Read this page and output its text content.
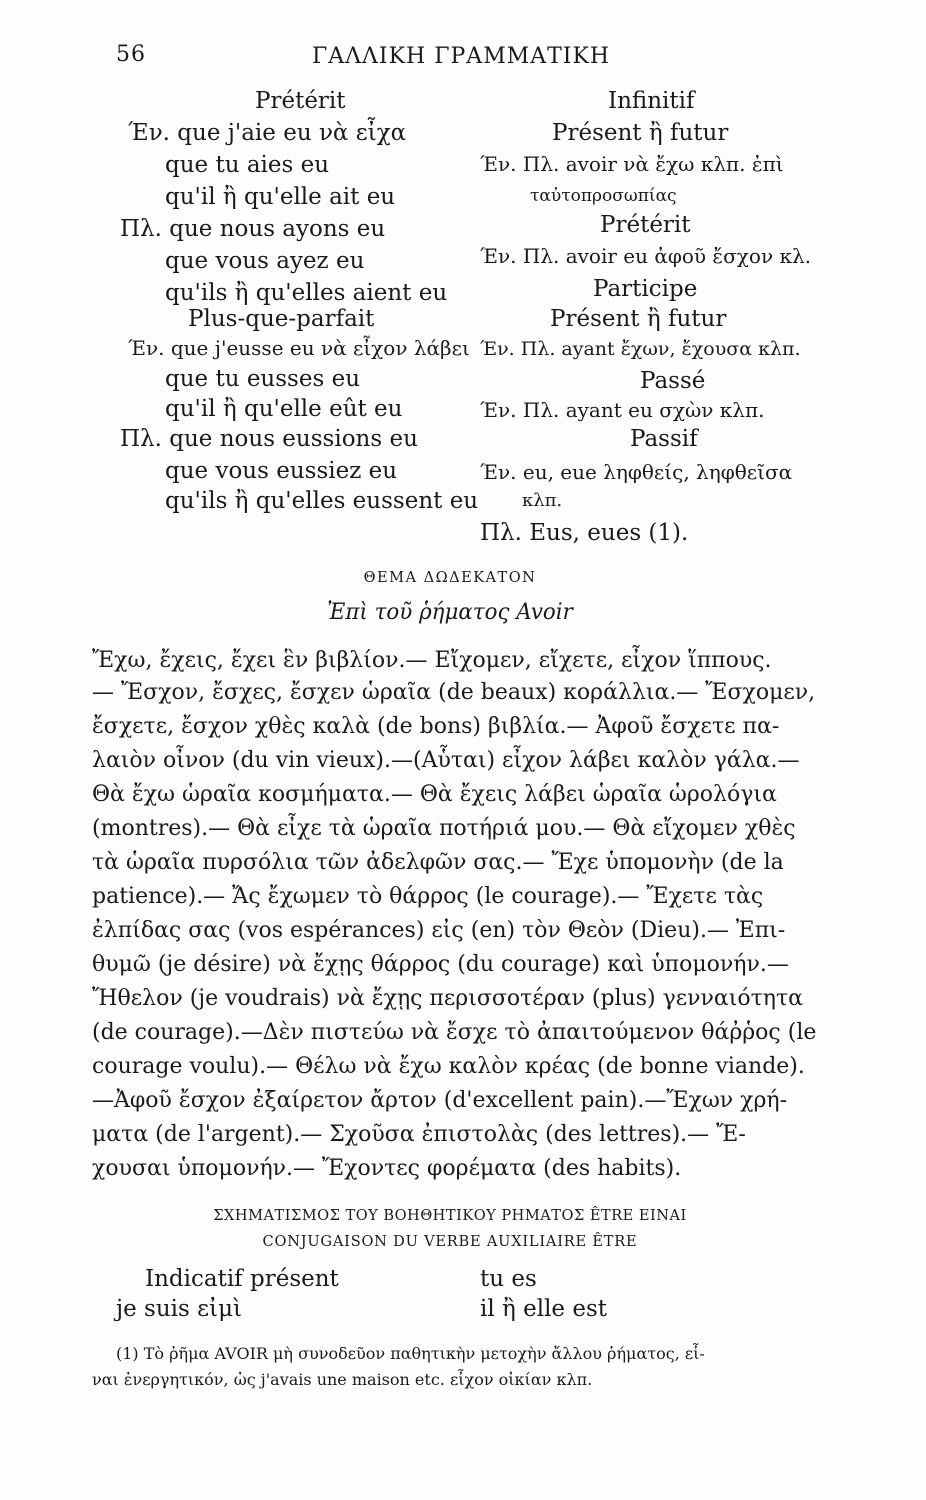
56	ΓΑΛΛΙΚΗ ΓΡΑΜΜΑΤΙΚΗ
Prétérit
Έν. que j'aie eu νὰ εἶχα
que tu aies eu
qu'il ἢ qu'elle ait eu
Πλ. que nous ayons eu
que vous ayez eu
qu'ils ἢ qu'elles aient eu
Plus-que-parfait
Έν. que j'eusse eu νὰ εἶχον λάβει
que tu eusses eu
qu'il ἢ qu'elle eût eu
Πλ. que nous eussions eu
que vous eussiez eu
qu'ils ἢ qu'elles eussent eu
Infinitif
Présent ἢ futur
Έν. Πλ. avoir νὰ ἔχω κλπ. ἐπὶ
ταὐτοπροσωπίας
Prétérit
Έν. Πλ. avoir eu ἀφοῦ ἔσχον κλ.
Participe
Présent ἢ futur
Έν. Πλ. ayant ἔχων, ἔχουσα κλπ.
Passé
Έν. Πλ. ayant eu σχὼν κλπ.
Passif
Έν. eu, eue ληφθείς, ληφθεῖσα
κλπ.
Πλ. Eus, eues (1).
ΘΕΜΑ ΔΩΔΕΚΑΤΟΝ
Ἐπὶ τοῦ ῥήματος Avoir
Ἔχω, ἔχεις, ἔχει ἓν βιβλίον.— Εἴχομεν, εἴχετε, εἶχον ἵππους.
— Ἔσχον, ἔσχες, ἔσχεν ὡραῖα (de beaux) κοράλλια.— Ἔσχομεν,
ἔσχετε, ἔσχον χθὲς καλὰ (de bons) βιβλία.— Ἀφοῦ ἔσχετε πα-
λαιὸν οἶνον (du vin vieux).—(Αὗται) εἶχον λάβει καλὸν γάλα.—
Θὰ ἔχω ὡραῖα κοσμήματα.— Θὰ ἔχεις λάβει ὡραῖα ὡρολόγια
(montres).— Θὰ εἶχε τὰ ὡραῖα ποτήριά μου.— Θὰ εἴχομεν χθὲς
τὰ ὡραῖα πυρσόλια τῶν ἀδελφῶν σας.— Ἔχε ὑπομονὴν (de la
patience).— Ἄς ἔχωμεν τὸ θάρρος (le courage).— Ἔχετε τὰς
ἐλπίδας σας (vos espérances) εἰς (en) τὸν Θεὸν (Dieu).— Ἐπι-
θυμῶ (je désire) νὰ ἔχῃς θάρρος (du courage) καὶ ὑπομονήν.—
Ἤθελον (je voudrais) νὰ ἔχῃς περισσοτέραν (plus) γενναιότητα
(de courage).—Δὲν πιστεύω νὰ ἔσχε τὸ ἀπαιτούμενον θάῤῥος (le
courage voulu).— Θέλω νὰ ἔχω καλὸν κρέας (de bonne viande).
—Ἀφοῦ ἔσχον ἐξαίρετον ἄρτον (d'excellent pain).—Ἔχων χρή-
ματα (de l'argent).— Σχοῦσα ἐπιστολὰς (des lettres).— Ἔ-
χουσαι ὑπομονήν.— Ἔχοντες φορέματα (des habits).
ΣΧΗΜΑΤΙΣΜΟΣ ΤΟΥ ΒΟΗΘΗΤΙΚΟΥ ΡΗΜΑΤΟΣ ÊTRE ΕΙΝΑΙ
CONJUGAISON DU VERBE AUXILIAIRE ÊTRE
Indicatif présent
je suis εἰμὶ
tu es
il ἢ elle est
(1) Τὸ ῥῆμα AVOIR μὴ συνοδεῦον παθητικὴν μετοχὴν ἄλλου ῥήματος, εἶ-
ναι ἐνεργητικόν, ὡς j'avais une maison etc. εἶχον οἰκίαν κλπ.
